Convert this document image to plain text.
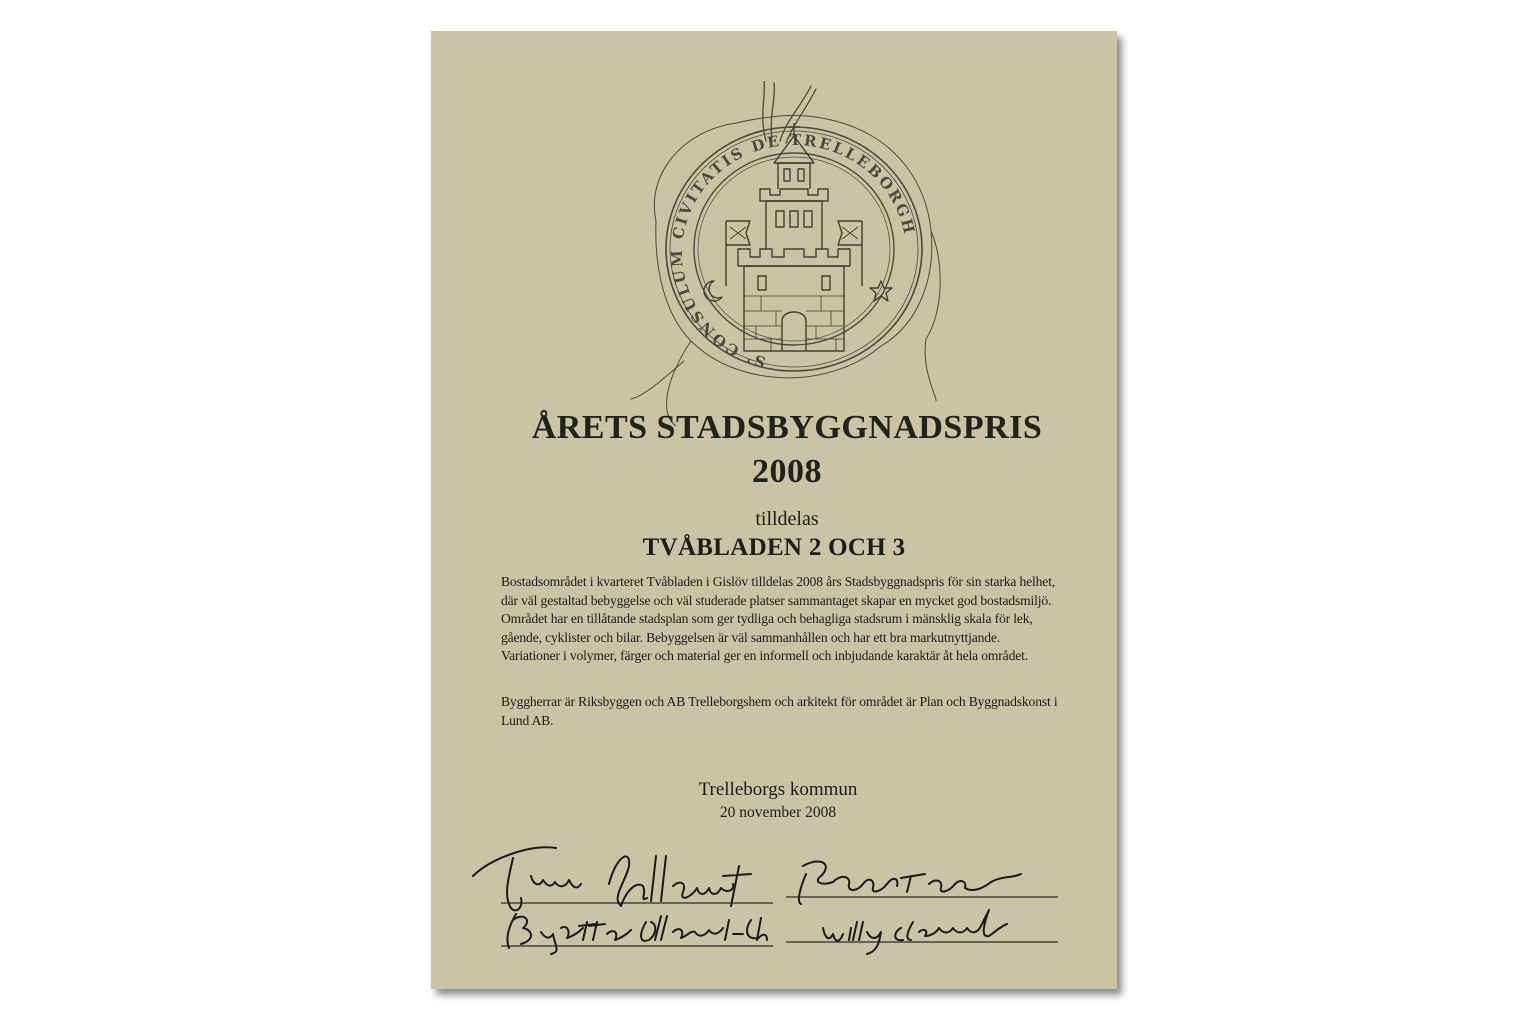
S' CONSULUM CIVITATIS DE TRELLEBORGH
ÅRETS STADSBYGGNADSPRIS
2008
tilldelas
TVÅBLADEN 2 OCH 3
Bostadsområdet i kvarteret Tvåbladen i Gislöv tilldelas 2008 års Stadsbyggnadspris för sin starka helhet, där väl gestaltad bebyggelse och väl studerade platser sammantaget skapar en mycket god bostadsmiljö. Området har en tillåtande stadsplan som ger tydliga och behagliga stadsrum i mänsklig skala för lek, gående, cyklister och bilar. Bebyggelsen är väl sammanhållen och har ett bra markutnyttjande. Variationer i volymer, färger och material ger en informell och inbjudande karaktär åt hela området.
Byggherrar är Riksbyggen och AB Trelleborgshem och arkitekt för området är Plan och Byggnadskonst i Lund AB.
Trelleborgs kommun
20 november 2008
